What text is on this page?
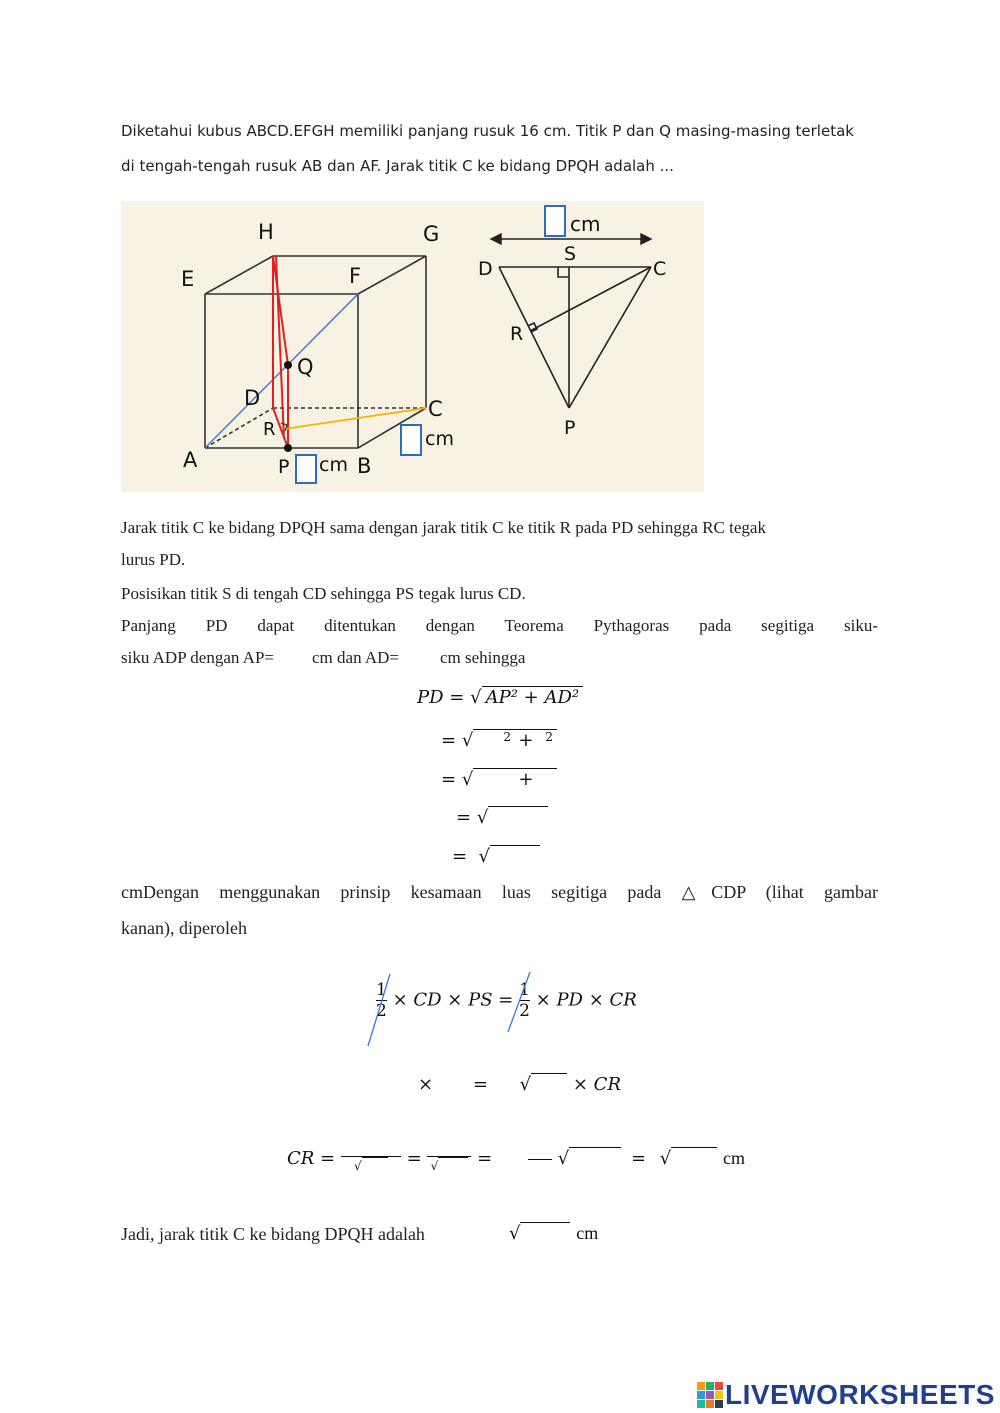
Diketahui kubus ABCD.EFGH memiliki panjang rusuk 16 cm. Titik P dan Q masing-masing terletak
di tengah-tengah rusuk AB dan AF. Jarak titik C ke bidang DPQH adalah ...
H	G
E	F
Q
D	C
R
A	P cm B
cm
cm
S
D	C
R
P
Jarak titik C ke bidang DPQH sama dengan jarak titik C ke titik R pada PD sehingga RC tegak
lurus PD.
Posisikan titik S di tengah CD sehingga PS tegak lurus CD.
Panjang PD dapat ditentukan dengan Teorema Pythagoras pada segitiga siku-
siku ADP dengan AP= cm dan AD= cm sehingga
PD = √ AP² + AD²
= √	2 + 2

= √	+

= √
= √
cmDengan menggunakan prinsip kesamaan luas segitiga pada △CDP (lihat gambar
kanan), diperoleh
$\frac{1}{2}$ × CD × PS = $\frac{1}{2}$ × PD × CR
× = √ × CR
CR =	√	= √	=	√	= √	cm
Jadi, jarak titik C ke bidang DPQH adalah	√	cm
LIVEWORKSHEETS
